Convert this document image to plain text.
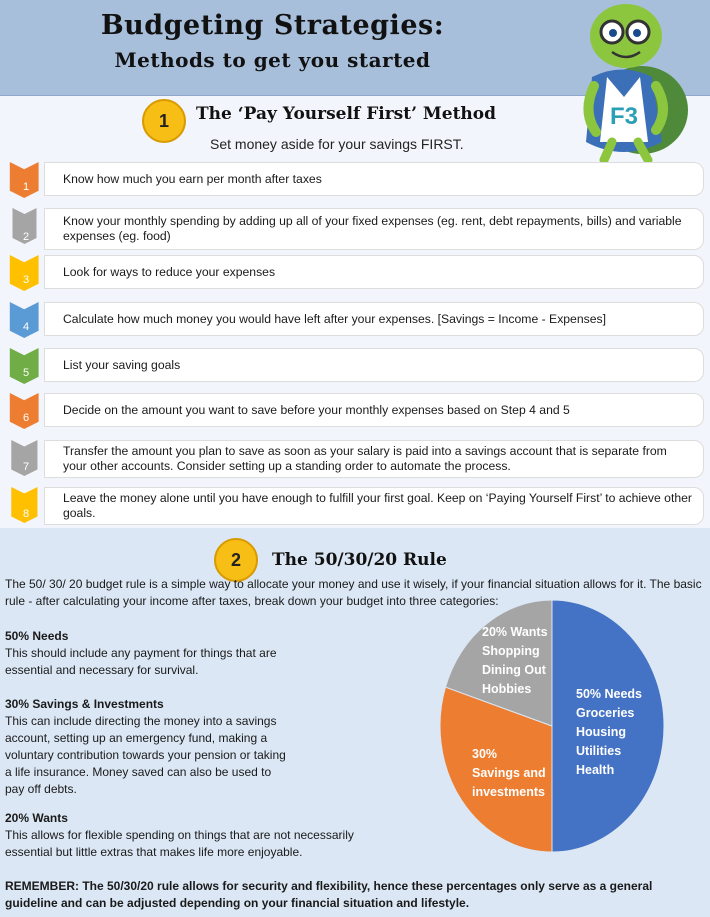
Budgeting Strategies:
Methods to get you started
F3
1	The ‘Pay Yourself First’ Method
Set money aside for your savings FIRST.
1
Know how much you earn per month after taxes
2
Know your monthly spending by adding up all of your fixed expenses (eg. rent, debt repayments, bills) and variable expenses (eg. food)
3
Look for ways to reduce your expenses
4
Calculate how much money you would have left after your expenses. [Savings = Income - Expenses]
5
List your saving goals
6
Decide on the amount you want to save before your monthly expenses based on Step 4 and 5
7
Transfer the amount you plan to save as soon as your salary is paid into a savings account that is separate from your other accounts. Consider setting up a standing order to automate the process.
8
Leave the money alone until you have enough to fulfill your first goal. Keep on ‘Paying Yourself First’ to achieve other goals.
2	The 50/30/20 Rule
The 50/ 30/ 20 budget rule is a simple way to allocate your money and use it wisely, if your financial situation allows for it. The basic rule - after calculating your income after taxes, break down your budget into three categories:
50% Needs
This should include any payment for things that are essential and necessary for survival.
30% Savings & Investments
This can include directing the money into a savings account, setting up an emergency fund, making a voluntary contribution towards your pension or taking a life insurance. Money saved can also be used to pay off debts.
20% Wants
This allows for flexible spending on things that are not necessarily essential but little extras that makes life more enjoyable.
REMEMBER: The 50/30/20 rule allows for security and flexibility, hence these percentages only serve as a general guideline and can be adjusted depending on your financial situation and lifestyle.
50% Needs
Groceries
Housing
Utilities
Health
30%
Savings and
investments
20% Wants
Shopping
Dining Out
Hobbies
